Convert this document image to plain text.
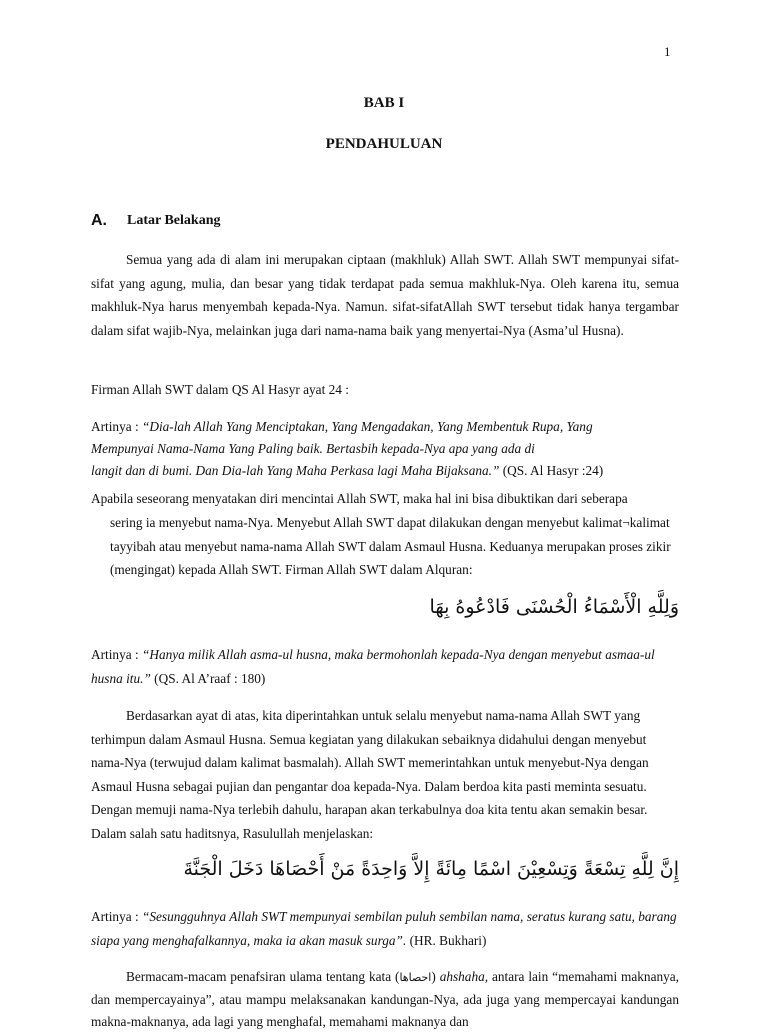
1
BAB I
PENDAHULUAN
A. Latar Belakang

Semua yang ada di alam ini merupakan ciptaan (makhluk) Allah SWT. Allah SWT mempunyai sifat-sifat yang agung, mulia, dan besar yang tidak terdapat pada semua makhluk-Nya. Oleh karena itu, semua makhluk-Nya harus menyembah kepada-Nya. Namun. sifat-sifatAllah SWT tersebut tidak hanya tergambar dalam sifat wajib-Nya, melainkan juga dari nama-nama baik yang menyertai-Nya (Asma’ul Husna).

Firman Allah SWT dalam QS Al Hasyr ayat 24 :
Artinya : “Dia-lah Allah Yang Menciptakan, Yang Mengadakan, Yang Membentuk Rupa, Yang
Mempunyai Nama-Nama Yang Paling baik. Bertasbih kepada-Nya apa yang ada di
langit dan di bumi. Dan Dia-lah Yang Maha Perkasa lagi Maha Bijaksana.” (QS. Al Hasyr :24)
Apabila seseorang menyatakan diri mencintai Allah SWT, maka hal ini bisa dibuktikan dari seberapa
sering ia menyebut nama-Nya. Menyebut Allah SWT dapat dilakukan dengan menyebut kalimat¬kalimat tayyibah atau menyebut nama-nama Allah SWT dalam Asmaul Husna. Keduanya merupakan proses zikir (mengingat) kepada Allah SWT. Firman Allah SWT dalam Alquran:
وَلِلَّهِ الْأَسْمَاءُ الْحُسْنَى فَادْعُوهُ بِهَا
Artinya : “Hanya milik Allah asma-ul husna, maka bermohonlah kepada-Nya dengan menyebut asmaa-ul husna itu.” (QS. Al A’raaf : 180)

Berdasarkan ayat di atas, kita diperintahkan untuk selalu menyebut nama-nama Allah SWT yang terhimpun dalam Asmaul Husna. Semua kegiatan yang dilakukan sebaiknya didahului dengan menyebut nama-Nya (terwujud dalam kalimat basmalah). Allah SWT memerintahkan untuk menyebut-Nya dengan Asmaul Husna sebagai pujian dan pengantar doa kepada-Nya. Dalam berdoa kita pasti meminta sesuatu. Dengan memuji nama-Nya terlebih dahulu, harapan akan terkabulnya doa kita tentu akan semakin besar. Dalam salah satu haditsnya, Rasulullah menjelaskan:

إِنَّ لِلَّهِ تِسْعَةً وَتِسْعِيْنَ اسْمًا مِائَةً إِلاَّ وَاحِدَةً مَنْ أَحْصَاهَا دَخَلَ الْجَنَّةَ
Artinya : “Sesungguhnya Allah SWT mempunyai sembilan puluh sembilan nama, seratus kurang satu, barang siapa yang menghafalkannya, maka ia akan masuk surga”. (HR. Bukhari)

Bermacam-macam penafsiran ulama tentang kata (احصاها) ahshaha, antara lain “memahami maknanya, dan mempercayainya”, atau mampu melaksanakan kandungan-Nya, ada juga yang mempercayai kandungan makna-maknanya, ada lagi yang menghafal, memahami maknanya dan
